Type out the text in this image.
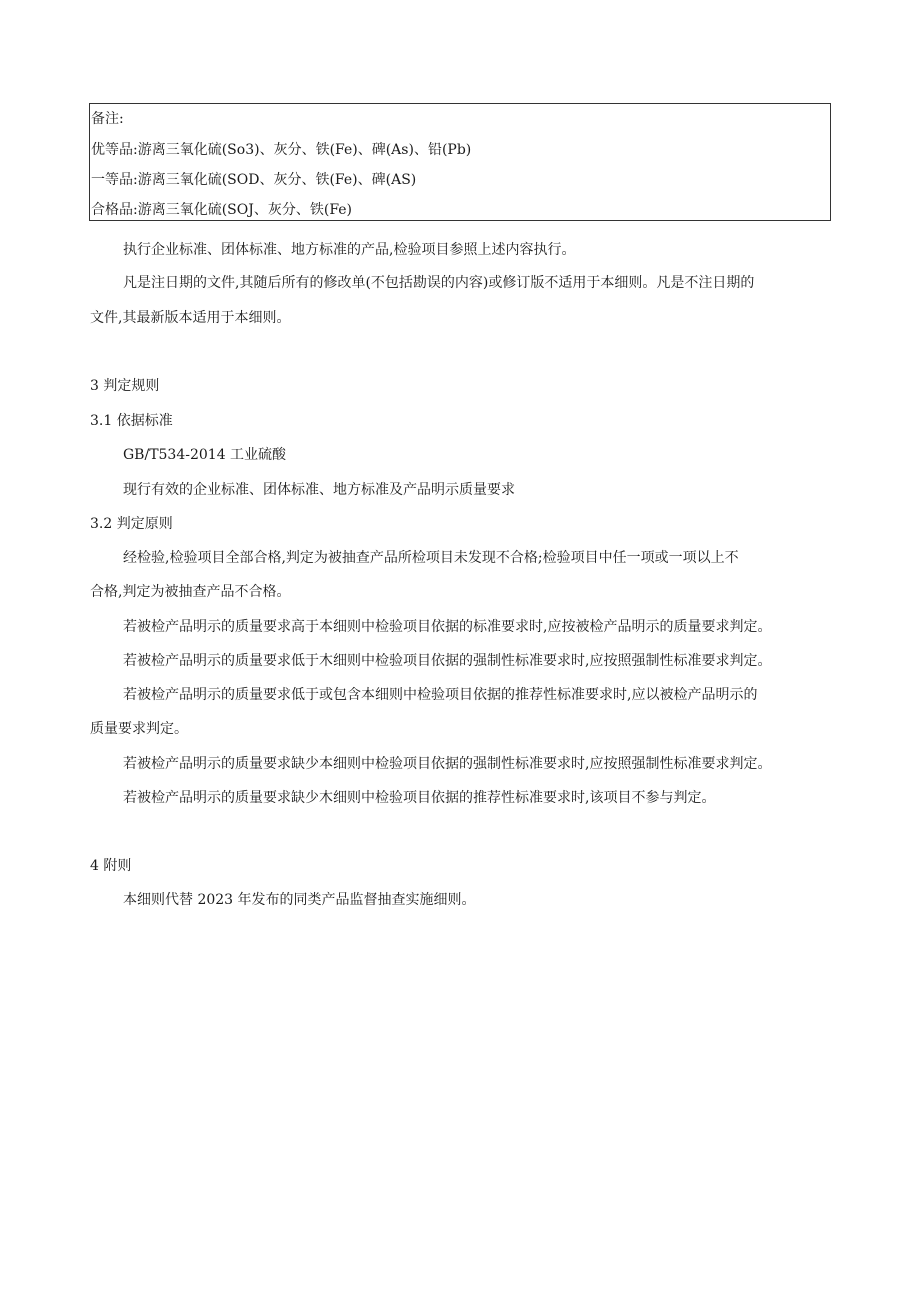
备注:
优等品:游离三氧化硫(So3)、灰分、铁(Fe)、碑(As)、铅(Pb)
一等品:游离三氧化硫(SOD、灰分、铁(Fe)、碑(AS)
合格品:游离三氧化硫(SOJ、灰分、铁(Fe)
执行企业标准、团体标准、地方标准的产品,检验项目参照上述内容执行。
凡是注日期的文件,其随后所有的修改单(不包括勘误的内容)或修订版不适用于本细则。凡是不注日期的
文件,其最新版本适用于本细则。
3 判定规则
3.1 依据标准
GB/T534-2014 工业硫酸
现行有效的企业标准、团体标准、地方标准及产品明示质量要求
3.2 判定原则
经检验,检验项目全部合格,判定为被抽查产品所检项目未发现不合格;检验项目中任一项或一项以上不
合格,判定为被抽查产品不合格。
若被检产品明示的质量要求高于本细则中检验项目依据的标准要求时,应按被检产品明示的质量要求判定。
若被检产品明示的质量要求低于木细则中检验项目依据的强制性标准要求时,应按照强制性标准要求判定。
若被检产品明示的质量要求低于或包含本细则中检验项目依据的推荐性标准要求时,应以被检产品明示的
质量要求判定。
若被检产品明示的质量要求缺少本细则中检验项目依据的强制性标准要求时,应按照强制性标准要求判定。
若被检产品明示的质量要求缺少木细则中检验项目依据的推荐性标准要求时,该项目不参与判定。
4 附则
本细则代替 2023 年发布的同类产品监督抽查实施细则。
